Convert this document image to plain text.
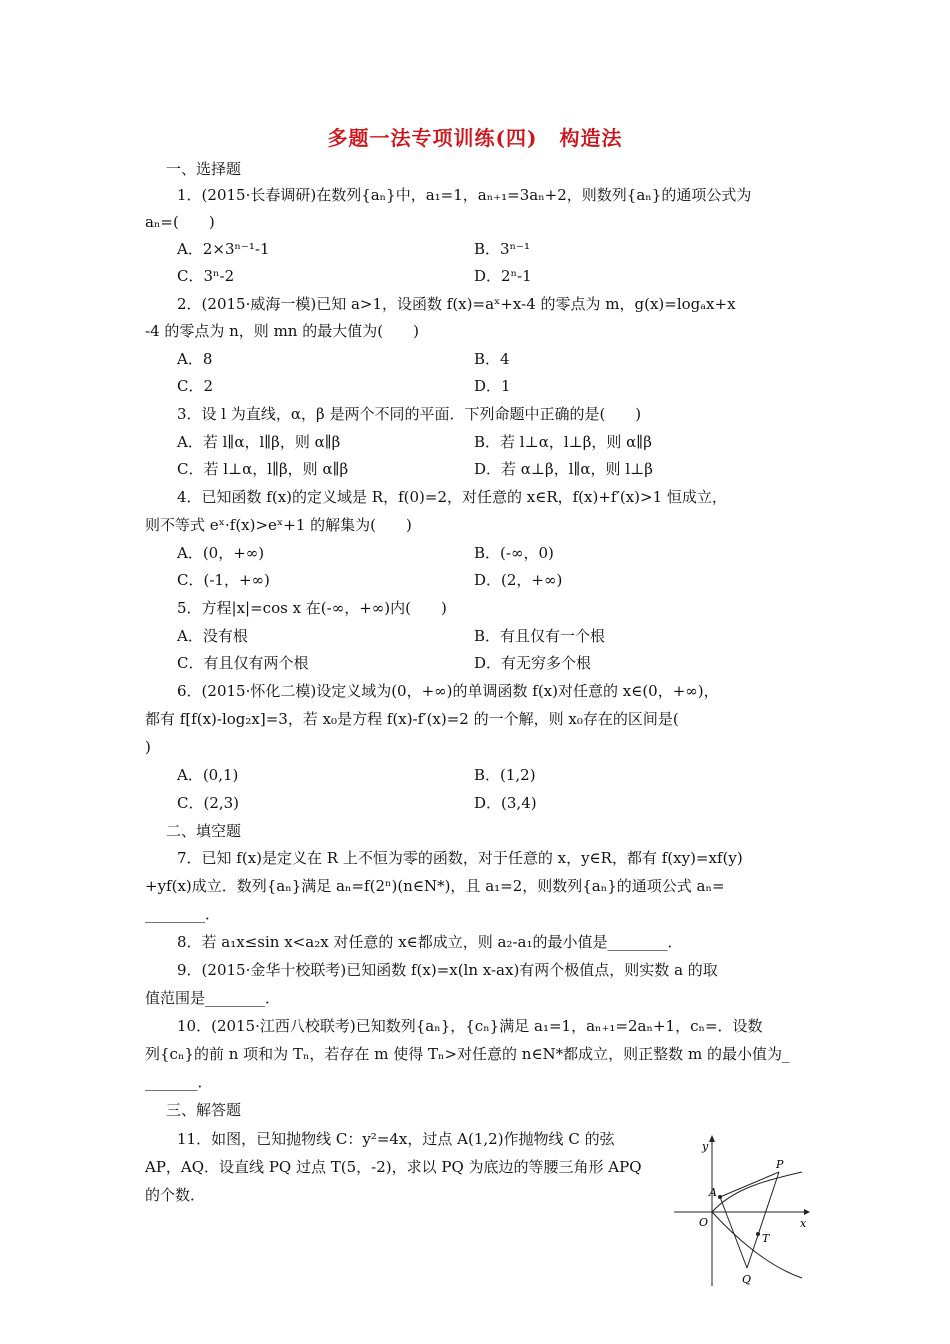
多题一法专项训练(四) 构造法
一、选择题
1．(2015·长春调研)在数列{aₙ}中，a₁=1，aₙ₊₁=3aₙ+2，则数列{aₙ}的通项公式为
aₙ=(　　)
A．2×3ⁿ⁻¹-1	B．3ⁿ⁻¹
C．3ⁿ-2	D．2ⁿ-1
2．(2015·威海一模)已知 a>1，设函数 f(x)=aˣ+x-4 的零点为 m，g(x)=logₐx+x
-4 的零点为 n，则 mn 的最大值为(　　)
A．8	B．4
C．2	D．1
3．设 l 为直线，α，β 是两个不同的平面．下列命题中正确的是(　　)
A．若 l∥α，l∥β，则 α∥β	B．若 l⊥α，l⊥β，则 α∥β
C．若 l⊥α，l∥β，则 α∥β	D．若 α⊥β，l∥α，则 l⊥β
4．已知函数 f(x)的定义域是 R，f(0)=2，对任意的 x∈R，f(x)+f′(x)>1 恒成立，
则不等式 eˣ·f(x)>eˣ+1 的解集为(　　)
A．(0，+∞)	B．(-∞，0)
C．(-1，+∞)	D．(2，+∞)
5．方程|x|=cos x 在(-∞，+∞)内(　　)
A．没有根	B．有且仅有一个根
C．有且仅有两个根	D．有无穷多个根
6．(2015·怀化二模)设定义域为(0，+∞)的单调函数 f(x)对任意的 x∈(0，+∞)，
都有 f[f(x)-log₂x]=3，若 x₀是方程 f(x)-f′(x)=2 的一个解，则 x₀存在的区间是(
)
A．(0,1)	B．(1,2)
C．(2,3)	D．(3,4)
二、填空题
7．已知 f(x)是定义在 R 上不恒为零的函数，对于任意的 x，y∈R，都有 f(xy)=xf(y)
+yf(x)成立．数列{aₙ}满足 aₙ=f(2ⁿ)(n∈N*)，且 a₁=2，则数列{aₙ}的通项公式 aₙ=
________．
8．若 a₁x≤sin x<a₂x 对任意的 x∈都成立，则 a₂-a₁的最小值是________．
9．(2015·金华十校联考)已知函数 f(x)=x(ln x-ax)有两个极值点，则实数 a 的取
值范围是________．
10．(2015·江西八校联考)已知数列{aₙ}，{cₙ}满足 a₁=1，aₙ₊₁=2aₙ+1，cₙ=．设数
列{cₙ}的前 n 项和为 Tₙ，若存在 m 使得 Tₙ>对任意的 n∈N*都成立，则正整数 m 的最小值为_
_______．
三、解答题
11．如图，已知抛物线 C：y²=4x，过点 A(1,2)作抛物线 C 的弦
AP，AQ．设直线 PQ 过点 T(5，-2)，求以 PQ 为底边的等腰三角形 APQ
的个数．
y
x
O
A
P
T
Q
